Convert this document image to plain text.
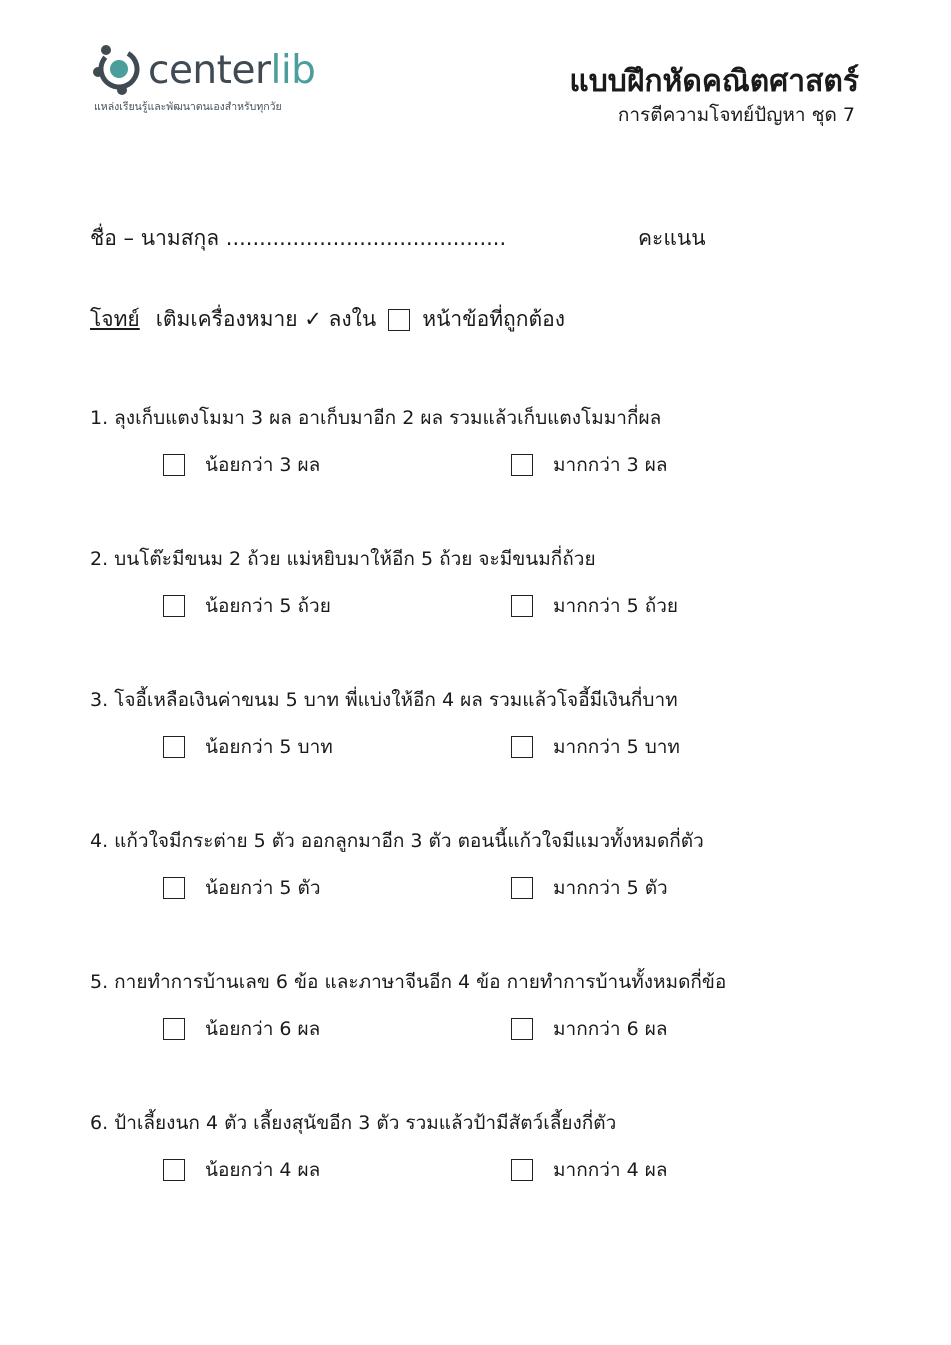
centerlib
แหล่งเรียนรู้และพัฒนาตนเองสำหรับทุกวัย
แบบฝึกหัดคณิตศาสตร์
การตีความโจทย์ปัญหา ชุด 7
ชื่อ – นามสกุล ..........................................	คะแนน
โจทย์ เติมเครื่องหมาย ✓ ลงใน หน้าข้อที่ถูกต้อง
1. ลุงเก็บแตงโมมา 3 ผล อาเก็บมาอีก 2 ผล รวมแล้วเก็บแตงโมมากี่ผล
น้อยกว่า 3 ผล	มากกว่า 3 ผล
2. บนโต๊ะมีขนม 2 ถ้วย แม่หยิบมาให้อีก 5 ถ้วย จะมีขนมกี่ถ้วย
น้อยกว่า 5 ถ้วย	มากกว่า 5 ถ้วย
3. โจอี้เหลือเงินค่าขนม 5 บาท พี่แบ่งให้อีก 4 ผล รวมแล้วโจอี้มีเงินกี่บาท
น้อยกว่า 5 บาท	มากกว่า 5 บาท
4. แก้วใจมีกระต่าย 5 ตัว ออกลูกมาอีก 3 ตัว ตอนนี้แก้วใจมีแมวทั้งหมดกี่ตัว
น้อยกว่า 5 ตัว	มากกว่า 5 ตัว
5. กายทำการบ้านเลข 6 ข้อ และภาษาจีนอีก 4 ข้อ กายทำการบ้านทั้งหมดกี่ข้อ
น้อยกว่า 6 ผล	มากกว่า 6 ผล
6. ป้าเลี้ยงนก 4 ตัว เลี้ยงสุนัขอีก 3 ตัว รวมแล้วป้ามีสัตว์เลี้ยงกี่ตัว
น้อยกว่า 4 ผล	มากกว่า 4 ผล
